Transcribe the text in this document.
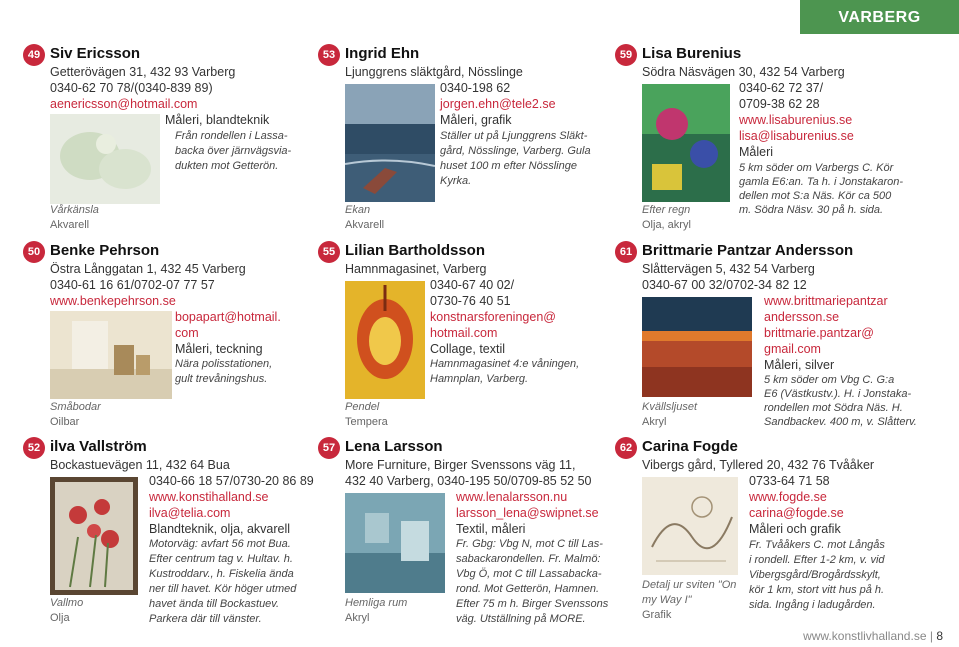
VARBERG
49 Siv Ericsson
Getterövägen 31, 432 93 Varberg
0340-62 70 78/(0340-839 89)
aenericsson@hotmail.com
Måleri, blandteknik
Från rondellen i Lassa-
backa över järnvägsvia-
dukten mot Getterön.
Vårkänsla
Akvarell
50 Benke Pehrson
Östra Långgatan 1, 432 45 Varberg
0340-61 16 61/0702-07 77 57
www.benkepehrson.se
bopapart@hotmail.
com
Måleri, teckning
Nära polisstationen,
gult trevåningshus.
Småbodar
Oilbar
52 ilva Vallström
Bockastuevägen 11, 432 64 Bua
0340-66 18 57/0730-20 86 89
www.konstihalland.se
ilva@telia.com
Blandteknik, olja, akvarell
Motorväg: avfart 56 mot Bua.
Efter centrum tag v. Hultav. h.
Kustroddarv., h. Fiskelia ända
ner till havet. Kör höger utmed
havet ända till Bockastuev.
Parkera där till vänster.
Vallmo
Olja
53 Ingrid Ehn
Ljunggrens släktgård, Nösslinge
0340-198 62
jorgen.ehn@tele2.se
Måleri, grafik
Ställer ut på Ljunggrens Släkt-
gård, Nösslinge, Varberg. Gula
huset 100 m efter Nösslinge
Kyrka.
Ekan
Akvarell
55 Lilian Bartholdsson
Hamnmagasinet, Varberg
0340-67 40 02/
0730-76 40 51
konstnarsforeningen@
hotmail.com
Collage, textil
Hamnmagasinet 4:e våningen,
Hamnplan, Varberg.
Pendel
Tempera
57 Lena Larsson
More Furniture, Birger Svenssons väg 11,
432 40 Varberg, 0340-195 50/0709-85 52 50
www.lenalarsson.nu
larsson_lena@swipnet.se
Textil, måleri
Fr. Gbg: Vbg N, mot C till Las-
sabackarondellen. Fr. Malmö:
Vbg Ö, mot C till Lassabacka-
rond. Mot Getterön, Hamnen.
Efter 75 m h. Birger Svenssons
väg. Utställning på MORE.
Hemliga rum
Akryl
59 Lisa Burenius
Södra Näsvägen 30, 432 54 Varberg
0340-62 72 37/
0709-38 62 28
www.lisaburenius.se
lisa@lisaburenius.se
Måleri
5 km söder om Varbergs C. Kör
gamla E6:an. Ta h. i Jonstakaron-
dellen mot S:a Näs. Kör ca 500
m. Södra Näsv. 30 på h. sida.
Efter regn
Olja, akryl
61 Brittmarie Pantzar Andersson
Slåttervägen 5, 432 54 Varberg
0340-67 00 32/0702-34 82 12
www.brittmariepantzar
andersson.se
brittmarie.pantzar@
gmail.com
Måleri, silver
5 km söder om Vbg C. G:a
E6 (Västkustv.). H. i Jonstaka-
rondellen mot Södra Näs. H.
Sandbackev. 400 m, v. Slåtterv.
Kvällsljuset
Akryl
62 Carina Fogde
Vibergs gård, Tyllered 20, 432 76 Tvååker
0733-64 71 58
www.fogde.se
carina@fogde.se
Måleri och grafik
Fr. Tvååkers C. mot Långås
i rondell. Efter 1-2 km, v. vid
Vibergsgård/Brogårdsskylt,
kör 1 km, stort vitt hus på h.
sida. Ingång i ladugården.
Detalj ur sviten "On my Way I"
Grafik
www.konstlivhalland.se | 8
